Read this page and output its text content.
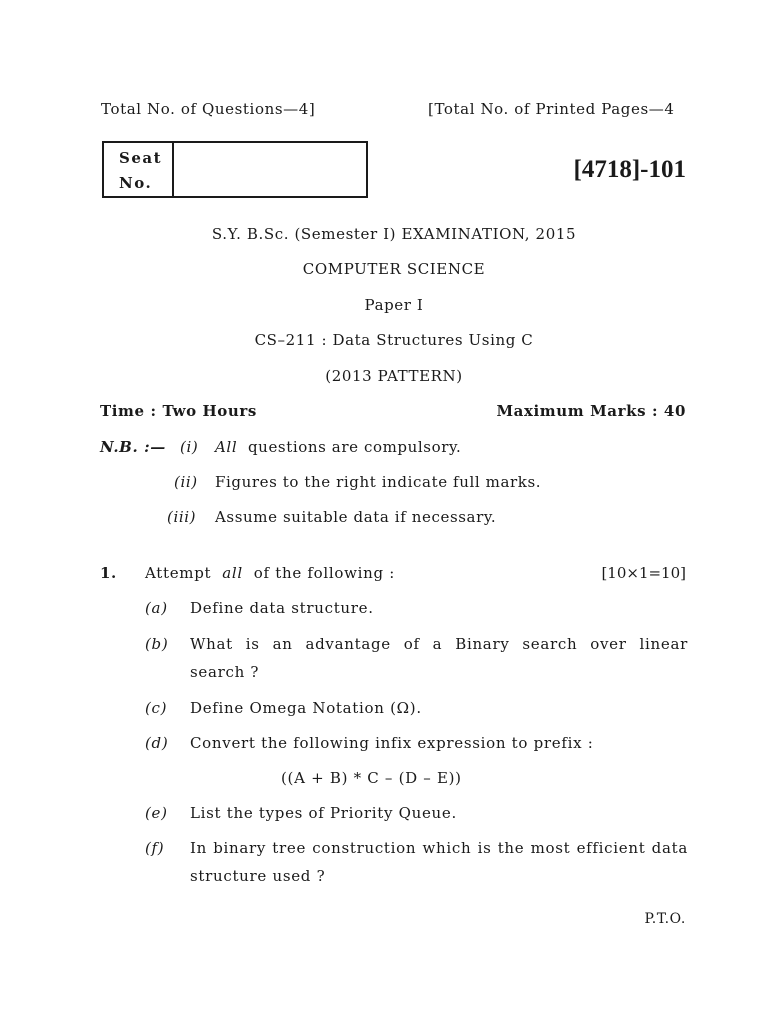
Total No. of Questions—4]	[Total No. of Printed Pages—4
Seat
No.	[4718]-101
S.Y. B.Sc. (Semester I) EXAMINATION, 2015
COMPUTER SCIENCE
Paper I
CS–211 : Data Structures Using C
(2013 PATTERN)
Time : Two Hours	Maximum Marks : 40
N.B. :— (i) All questions are compulsory.
(ii) Figures to the right indicate full marks.
(iii) Assume suitable data if necessary.
1. Attempt all of the following :	[10×1=10]
(a) Define data structure.
(b) What is an advantage of a Binary search over linear
search ?
(c) Define Omega Notation (Ω).
(d) Convert the following infix expression to prefix :
((A + B) * C – (D – E))
(e) List the types of Priority Queue.
(f) In binary tree construction which is the most efficient data
structure used ?
P.T.O.
